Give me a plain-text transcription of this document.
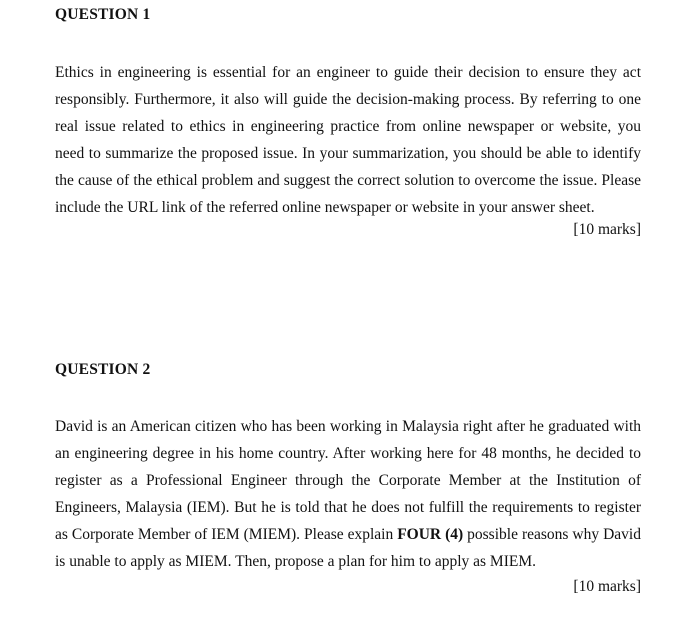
QUESTION 1
Ethics in engineering is essential for an engineer to guide their decision to ensure they act
responsibly. Furthermore, it also will guide the decision-making process. By referring to one
real issue related to ethics in engineering practice from online newspaper or website, you
need to summarize the proposed issue. In your summarization, you should be able to identify
the cause of the ethical problem and suggest the correct solution to overcome the issue. Please
include the URL link of the referred online newspaper or website in your answer sheet.
[10 marks]
QUESTION 2
David is an American citizen who has been working in Malaysia right after he graduated with
an engineering degree in his home country. After working here for 48 months, he decided to
register as a Professional Engineer through the Corporate Member at the Institution of
Engineers, Malaysia (IEM). But he is told that he does not fulfill the requirements to register
as Corporate Member of IEM (MIEM). Please explain FOUR (4) possible reasons why David
is unable to apply as MIEM. Then, propose a plan for him to apply as MIEM.
[10 marks]
